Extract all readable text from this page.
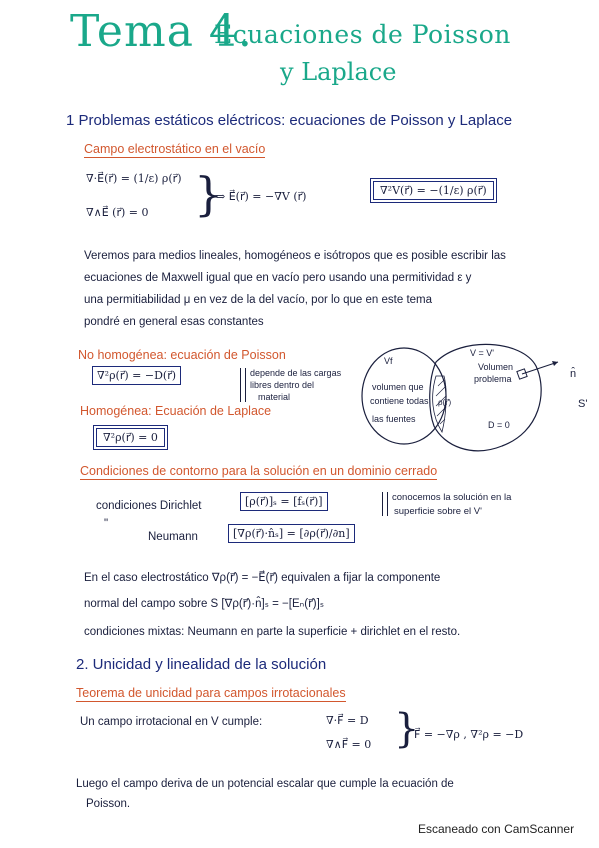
Tema 4.
Ecuaciones de Poisson
y Laplace
1 Problemas estáticos eléctricos: ecuaciones de Poisson y Laplace
Campo electrostático en el vacío
∇·E⃗(r⃗) = (1/ε) ρ(r⃗)
∇∧E⃗ (r⃗) = 0 }
⇒ E⃗(r⃗) = −∇V (r⃗)	∇²V(r⃗) = −(1/ε) ρ(r⃗)
Veremos para medios lineales, homogéneos e isótropos que es posible escribir las
ecuaciones de Maxwell igual que en vacío pero usando una permitividad ε y
una permitiabilidad μ en vez de la del vacío, por lo que en este tema
pondré en general esas constantes
No homogénea: ecuación de Poisson
∇²ρ(r⃗) = −D(r⃗)	depende de las cargas
libres dentro del
material
Homogénea: Ecuación de Laplace
∇²ρ(r⃗) = 0
Vf
volumen que
contiene todas
las fuentes
ρ(r⃗)
V = V'
Volumen
problema
D = 0
n̂
S'
Condiciones de contorno para la solución en un dominio cerrado
condiciones Dirichlet	[ρ(r⃗)]ₛ = [fₛ(r⃗)]	conocemos la solución en la
superficie sobre el V'
"
Neumann	[∇ρ(r⃗)·n̂ₛ] = [∂ρ(r⃗)/∂n]
En el caso electrostático ∇ρ(r⃗) = −E⃗(r⃗) equivalen a fijar la componente
normal del campo sobre S [∇ρ(r⃗)·n̂]ₛ = −[Eₙ(r⃗)]ₛ
condiciones mixtas: Neumann en parte la superficie + dirichlet en el resto.
2. Unicidad y linealidad de la solución
Teorema de unicidad para campos irrotacionales
Un campo irrotacional en V cumple:	∇·F⃗ = D
∇∧F⃗ = 0 }
F⃗ = −∇ρ , ∇²ρ = −D
Luego el campo deriva de un potencial escalar que cumple la ecuación de
Poisson.
Escaneado con CamScanner
